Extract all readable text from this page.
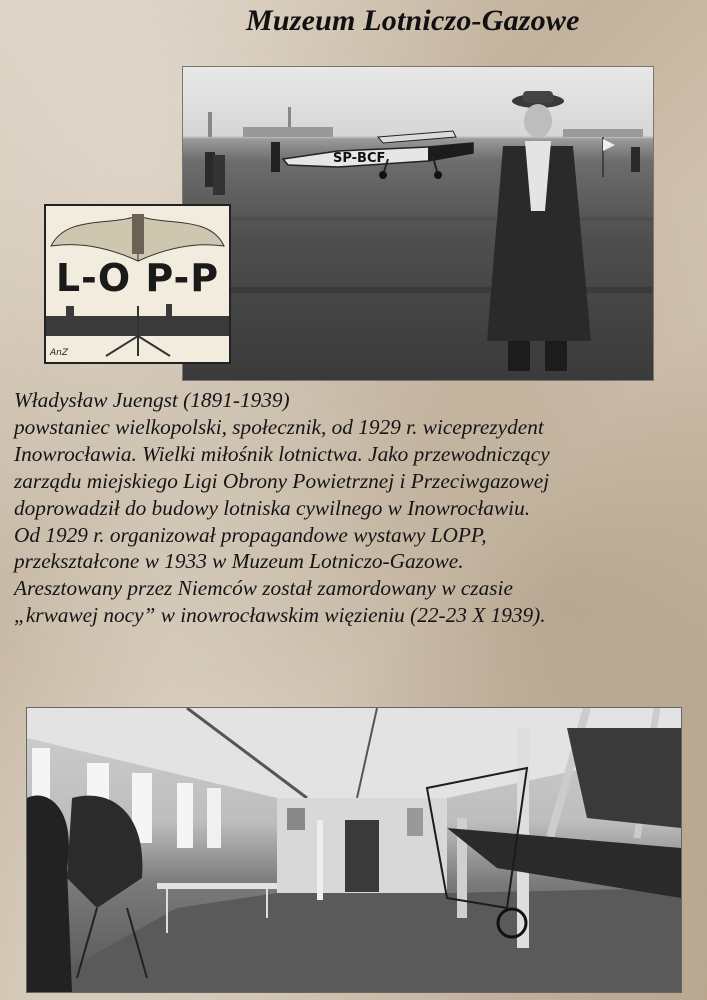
Muzeum Lotniczo-Gazowe
SP-BCF
L-O P-P
AnZ
Władysław Juengst (1891-1939)
powstaniec wielkopolski, społecznik, od 1929 r. wiceprezydent
Inowrocławia. Wielki miłośnik lotnictwa. Jako przewodniczący
zarządu miejskiego Ligi Obrony Powietrznej i Przeciwgazowej
doprowadził do budowy lotniska cywilnego w Inowrocławiu.
Od 1929 r. organizował propagandowe wystawy LOPP,
przekształcone w 1933 w Muzeum Lotniczo-Gazowe.
Aresztowany przez Niemców został zamordowany w czasie
„krwawej nocy” w inowrocławskim więzieniu (22-23 X 1939).
